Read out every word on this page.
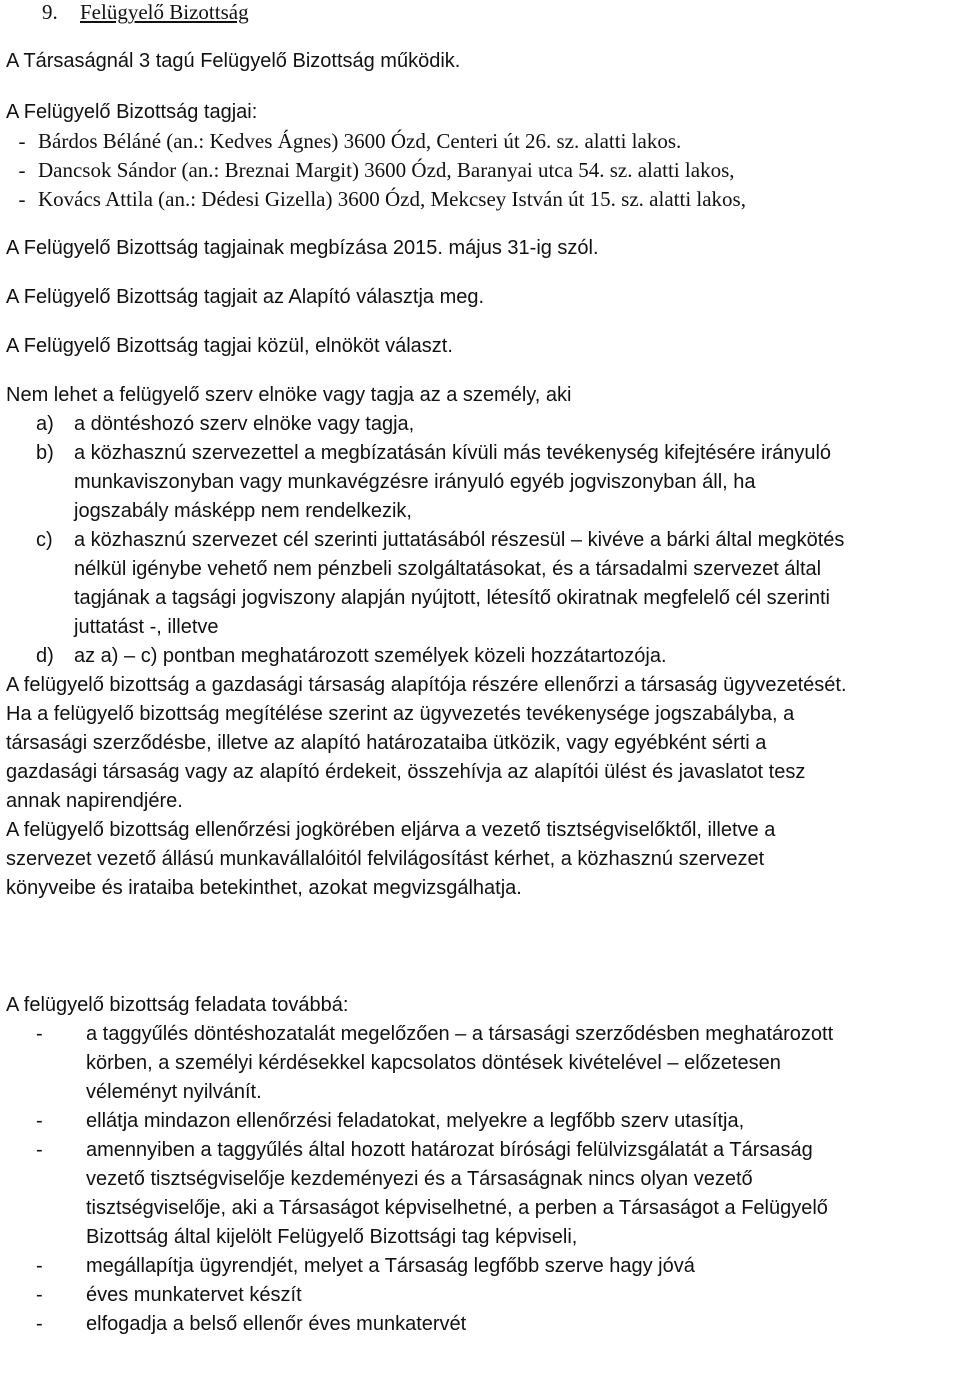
9. Felügyelő Bizottság
A Társaságnál 3 tagú Felügyelő Bizottság működik.
A Felügyelő Bizottság tagjai:
- Bárdos Béláné (an.: Kedves Ágnes) 3600 Ózd, Centeri út 26. sz. alatti lakos.
- Dancsok Sándor (an.: Breznai Margit) 3600 Ózd, Baranyai utca 54. sz. alatti lakos,
- Kovács Attila (an.: Dédesi Gizella) 3600 Ózd, Mekcsey István út 15. sz. alatti lakos,
A Felügyelő Bizottság tagjainak megbízása 2015. május 31-ig szól.
A Felügyelő Bizottság tagjait az Alapító választja meg.
A Felügyelő Bizottság tagjai közül, elnököt választ.
Nem lehet a felügyelő szerv elnöke vagy tagja az a személy, aki
a)	a döntéshozó szerv elnöke vagy tagja,
b)	a közhasznú szervezettel a megbízatásán kívüli más tevékenység kifejtésére irányuló
munkaviszonyban vagy munkavégzésre irányuló egyéb jogviszonyban áll, ha
jogszabály másképp nem rendelkezik,
c)	a közhasznú szervezet cél szerinti juttatásából részesül – kivéve a bárki által megkötés
nélkül igénybe vehető nem pénzbeli szolgáltatásokat, és a társadalmi szervezet által
tagjának a tagsági jogviszony alapján nyújtott, létesítő okiratnak megfelelő cél szerinti
juttatást -, illetve
d)	az a) – c) pontban meghatározott személyek közeli hozzátartozója.
A felügyelő bizottság a gazdasági társaság alapítója részére ellenőrzi a társaság ügyvezetését.
Ha a felügyelő bizottság megítélése szerint az ügyvezetés tevékenysége jogszabályba, a
társasági szerződésbe, illetve az alapító határozataiba ütközik, vagy egyébként sérti a
gazdasági társaság vagy az alapító érdekeit, összehívja az alapítói ülést és javaslatot tesz
annak napirendjére.
A felügyelő bizottság ellenőrzési jogkörében eljárva a vezető tisztségviselőktől, illetve a
szervezet vezető állású munkavállalóitól felvilágosítást kérhet, a közhasznú szervezet
könyveibe és irataiba betekinthet, azokat megvizsgálhatja.
A felügyelő bizottság feladata továbbá:
-	a taggyűlés döntéshozatalát megelőzően – a társasági szerződésben meghatározott
körben, a személyi kérdésekkel kapcsolatos döntések kivételével – előzetesen
véleményt nyilvánít.
-	ellátja mindazon ellenőrzési feladatokat, melyekre a legfőbb szerv utasítja,
-	amennyiben a taggyűlés által hozott határozat bírósági felülvizsgálatát a Társaság
vezető tisztségviselője kezdeményezi és a Társaságnak nincs olyan vezető
tisztségviselője, aki a Társaságot képviselhetné, a perben a Társaságot a Felügyelő
Bizottság által kijelölt Felügyelő Bizottsági tag képviseli,
-	megállapítja ügyrendjét, melyet a Társaság legfőbb szerve hagy jóvá
-	éves munkatervet készít
-	elfogadja a belső ellenőr éves munkatervét
